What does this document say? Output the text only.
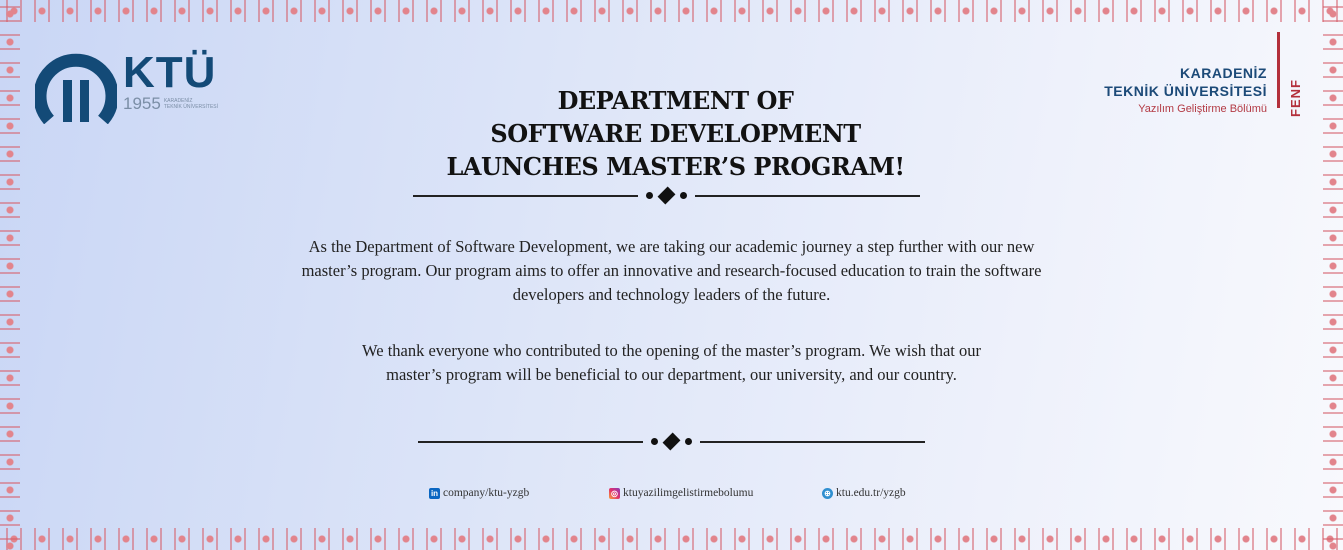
KTÜ
1955 KARADENİZ
TEKNİK ÜNİVERSİTESİ
KARADENİZ
TEKNİK ÜNİVERSİTESİ
Yazılım Geliştirme Bölümü FENF
DEPARTMENT OF
SOFTWARE DEVELOPMENT
LAUNCHES MASTER’S PROGRAM!
As the Department of Software Development, we are taking our academic journey a step further with our new
master’s program. Our program aims to offer an innovative and research-focused education to train the software
developers and technology leaders of the future.
We thank everyone who contributed to the opening of the master’s program. We wish that our
master’s program will be beneficial to our department, our university, and our country.
in company/ktu-yzgb	◎ ktuyazilimgelistirmebolumu	⊕ ktu.edu.tr/yzgb
